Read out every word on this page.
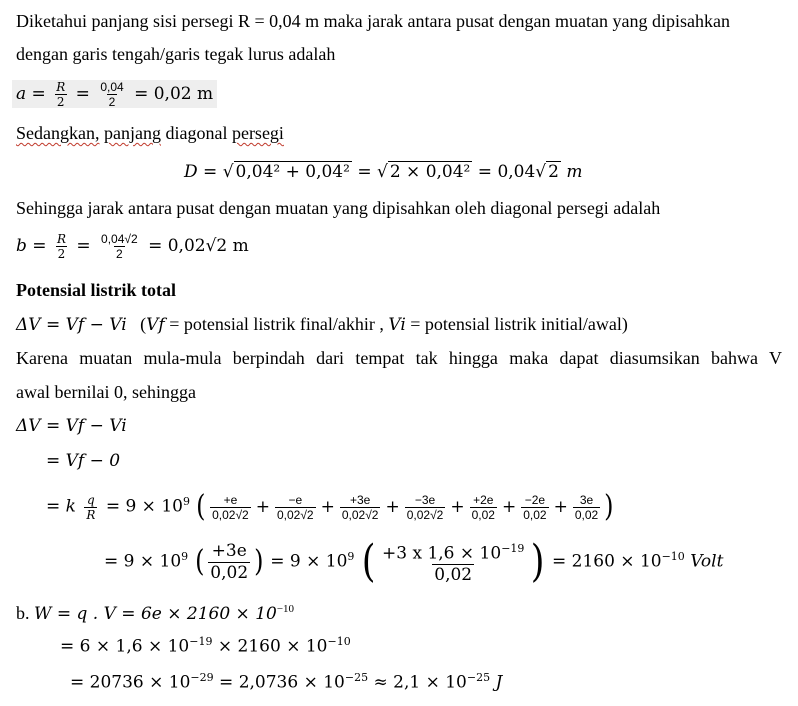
Diketahui panjang sisi persegi R = 0,04 m maka jarak antara pusat dengan muatan yang dipisahkan
dengan garis tengah/garis tegak lurus adalah
$a = \frac{R}{2} = \frac{0,04}{2} = 0,02$ m
Sedangkan, panjang diagonal persegi
D = √ 0,04² + 0,04² = √ 2 × 0,04² = 0,04√ 2 m
Sehingga jarak antara pusat dengan muatan yang dipisahkan oleh diagonal persegi adalah
$b = \frac{R}{2} = \frac{0,04√2}{2} = 0,02√2$ m
Potensial listrik total
ΔV = Vf − Vi (Vf = potensial listrik final/akhir , Vi = potensial listrik initial/awal)
Karena muatan mula-mula berpindah dari tempat tak hingga maka dapat diasumsikan bahwa V
awal bernilai 0, sehingga
ΔV = Vf − Vi
= Vf − 0
= k $\frac{q}{R} = 9 \times 10^9$ ( $\frac{+e}{0,02√2} + \frac{-e}{0,02√2} + \frac{+3e}{0,02√2} + \frac{-3e}{0,02√2} + \frac{+2e}{0,02} + \frac{-2e}{0,02} + \frac{3e}{0,02}$ )
= $9 \times 10^9$ ( $\frac{+3e}{0,02}$ ) = $9 \times 10^9$ ( $\frac{+3 x 1,6 \times 10^{-19}}{0,02}$ ) = $2160 \times 10^{-10}$ Volt
b. W = q . $V = 6e \times 2160 \times 10^{-10}$
= $6 \times 1,6 \times 10^{-19} \times 2160 \times 10^{-10}$
= $20736 \times 10^{-29} = 2,0736 \times 10^{-25} \approx 2,1 \times 10^{-25}$ J
